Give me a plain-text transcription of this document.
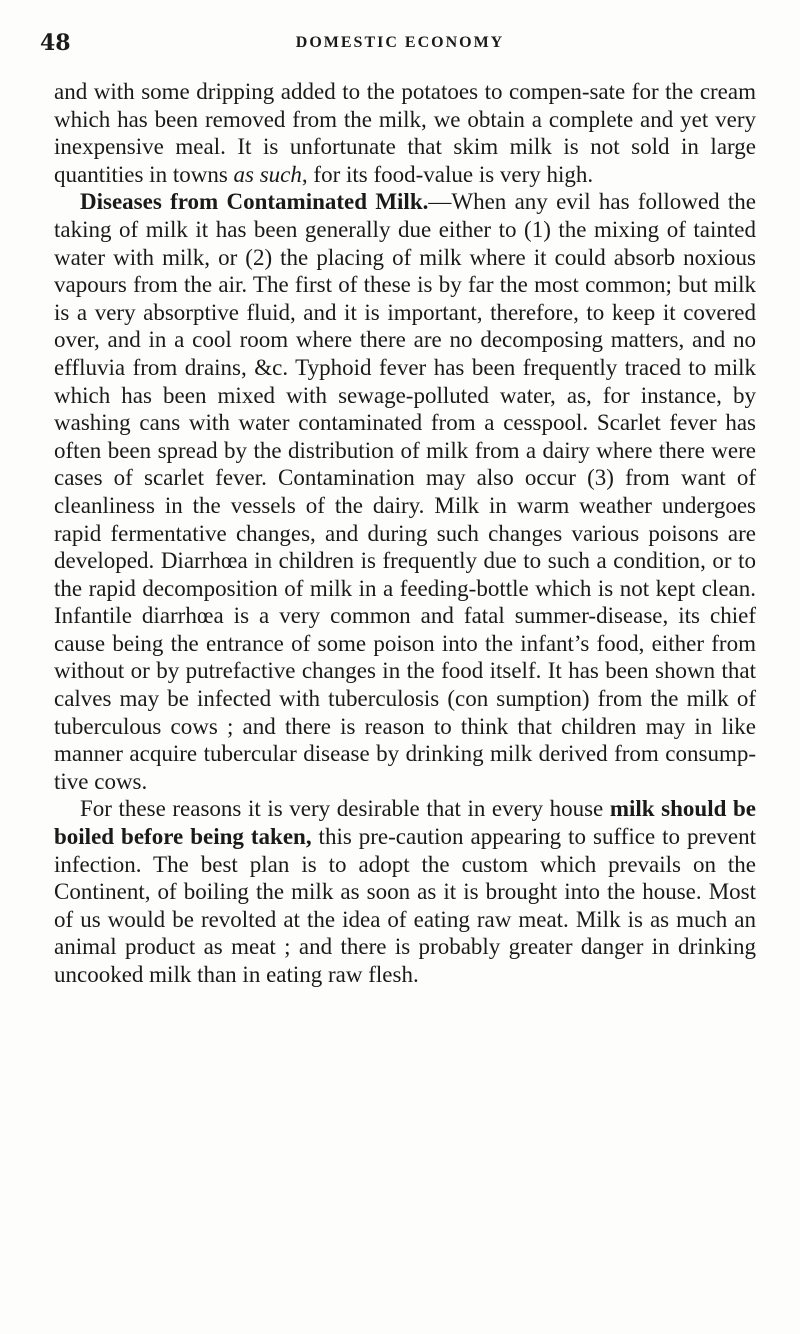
48	DOMESTIC ECONOMY

and with some dripping added to the potatoes to compen-sate for the cream which has been removed from the milk, we obtain a complete and yet very inexpensive meal. It is unfortunate that skim milk is not sold in large quantities in towns as such, for its food-value is very high.

Diseases from Contaminated Milk.—When any evil has followed the taking of milk it has been generally due either to (1) the mixing of tainted water with milk, or (2) the placing of milk where it could absorb noxious vapours from the air. The first of these is by far the most common; but milk is a very absorptive fluid, and it is important, therefore, to keep it covered over, and in a cool room where there are no decomposing matters, and no effluvia from drains, &c. Typhoid fever has been frequently traced to milk which has been mixed with sewage-polluted water, as, for instance, by washing cans with water contaminated from a cesspool. Scarlet fever has often been spread by the distribution of milk from a dairy where there were cases of scarlet fever. Contamination may also occur (3) from want of cleanliness in the vessels of the dairy. Milk in warm weather undergoes rapid fermentative changes, and during such changes various poisons are developed. Diarrhœa in children is frequently due to such a condition, or to the rapid decomposition of milk in a feeding-bottle which is not kept clean. Infantile diarrhœa is a very common and fatal summer-disease, its chief cause being the entrance of some poison into the infant’s food, either from without or by putrefactive changes in the food itself. It has been shown that calves may be infected with tuberculosis (con sumption) from the milk of tuberculous cows ; and there is reason to think that children may in like manner acquire tubercular disease by drinking milk derived from consump-tive cows.

For these reasons it is very desirable that in every house milk should be boiled before being taken, this pre-caution appearing to suffice to prevent infection. The best plan is to adopt the custom which prevails on the Continent, of boiling the milk as soon as it is brought into the house. Most of us would be revolted at the idea of eating raw meat. Milk is as much an animal product as meat ; and there is probably greater danger in drinking uncooked milk than in eating raw flesh.
